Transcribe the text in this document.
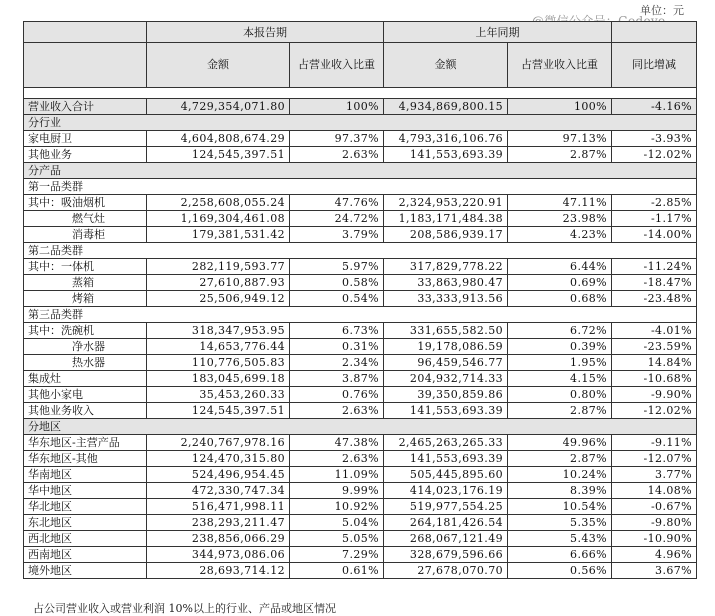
单位：元
	本报告期		上年同期		
	金额	占营业收入比重	金额	占营业收入比重	同比增减

营业收入合计	4,729,354,071.80	100%	4,934,869,800.15	100%	-4.16%
分行业					
家电厨卫	4,604,808,674.29	97.37%	4,793,316,106.76	97.13%	-3.93%
其他业务	124,545,397.51	2.63%	141,553,693.39	2.87%	-12.02%
分产品					
第一品类群					
其中：吸油烟机	2,258,608,055.24	47.76%	2,324,953,220.91	47.11%	-2.85%
燃气灶	1,169,304,461.08	24.72%	1,183,171,484.38	23.98%	-1.17%
消毒柜	179,381,531.42	3.79%	208,586,939.17	4.23%	-14.00%
第二品类群					
其中：一体机	282,119,593.77	5.97%	317,829,778.22	6.44%	-11.24%
蒸箱	27,610,887.93	0.58%	33,863,980.47	0.69%	-18.47%
烤箱	25,506,949.12	0.54%	33,333,913.56	0.68%	-23.48%
第三品类群					
其中：洗碗机	318,347,953.95	6.73%	331,655,582.50	6.72%	-4.01%
净水器	14,653,776.44	0.31%	19,178,086.59	0.39%	-23.59%
热水器	110,776,505.83	2.34%	96,459,546.77	1.95%	14.84%
集成灶	183,045,699.18	3.87%	204,932,714.33	4.15%	-10.68%
其他小家电	35,453,260.33	0.76%	39,350,859.86	0.80%	-9.90%
其他业务收入	124,545,397.51	2.63%	141,553,693.39	2.87%	-12.02%
分地区					
华东地区-主营产品	2,240,767,978.16	47.38%	2,465,263,265.33	49.96%	-9.11%
华东地区-其他	124,470,315.80	2.63%	141,553,693.39	2.87%	-12.07%
华南地区	524,496,954.45	11.09%	505,445,895.60	10.24%	3.77%
华中地区	472,330,747.34	9.99%	414,023,176.19	8.39%	14.08%
华北地区	516,471,998.11	10.92%	519,977,554.25	10.54%	-0.67%
东北地区	238,293,211.47	5.04%	264,181,426.54	5.35%	-9.80%
西北地区	238,856,066.29	5.05%	268,067,121.49	5.43%	-10.90%
西南地区	344,973,086.06	7.29%	328,679,596.66	6.66%	4.96%
境外地区	28,693,714.12	0.61%	27,678,070.70	0.56%	3.67%
占公司营业收入或营业利润 10%以上的行业、产品或地区情况
